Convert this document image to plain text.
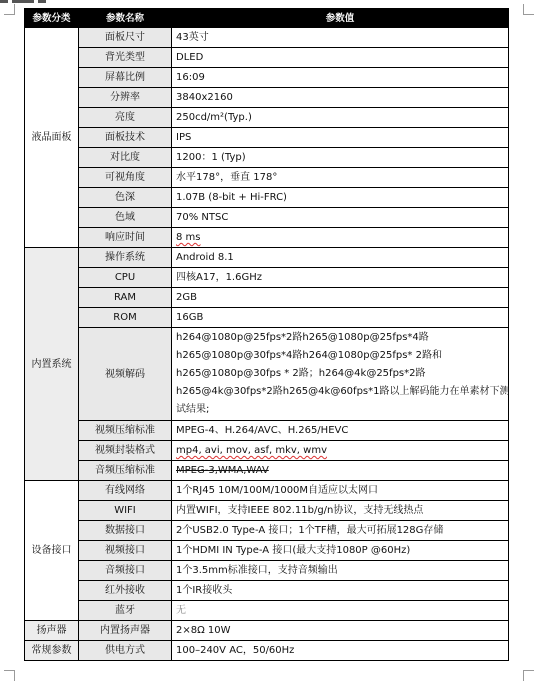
参数分类	参数名称	参数值
液晶面板	面板尺寸	43英寸
	背光类型	DLED
	屏幕比例	16:09
	分辨率	3840x2160
	亮度	250cd/m²(Typ.)
	面板技术	IPS
	对比度	1200：1 (Typ)
	可视角度	水平178°，垂直 178°
	色深	1.07B (8-bit + Hi-FRC)
	色域	70% NTSC
	响应时间	8 ms
内置系统	操作系统	Android 8.1
	CPU	四核A17，1.6GHz
	RAM	2GB
	ROM	16GB
	视频解码	h264@1080p@25fps*2路h265@1080p@25fps*4路
h265@1080p@30fps*4路h264@1080p@25fps* 2路和
h265@1080p@30fps * 2路；h264@4k@25fps*2路
h265@4k@30fps*2路h265@4k@60fps*1路以上解码能力在单素材下测
试结果;

	视频压缩标准	MPEG-4、H.264/AVC、H.265/HEVC
	视频封装格式	mp4, avi, mov, asf, mkv, wmv
	音频压缩标准	MPEG-3,WMA,WAV
设备接口	有线网络	1个RJ45 10M/100M/1000M自适应以太网口
	WIFI	内置WIFI，支持IEEE 802.11b/g/n协议，支持无线热点
	数据接口	2个USB2.0 Type-A 接口；1个TF槽，最大可拓展128G存储
	视频接口	1个HDMI IN Type-A 接口(最大支持1080P @60Hz)
	音频接口	1个3.5mm标准接口，支持音频输出
	红外接收	1个IR接收头
	蓝牙	无
扬声器	内置扬声器	2×8Ω 10W
常规参数	供电方式	100–240V AC，50/60Hz
